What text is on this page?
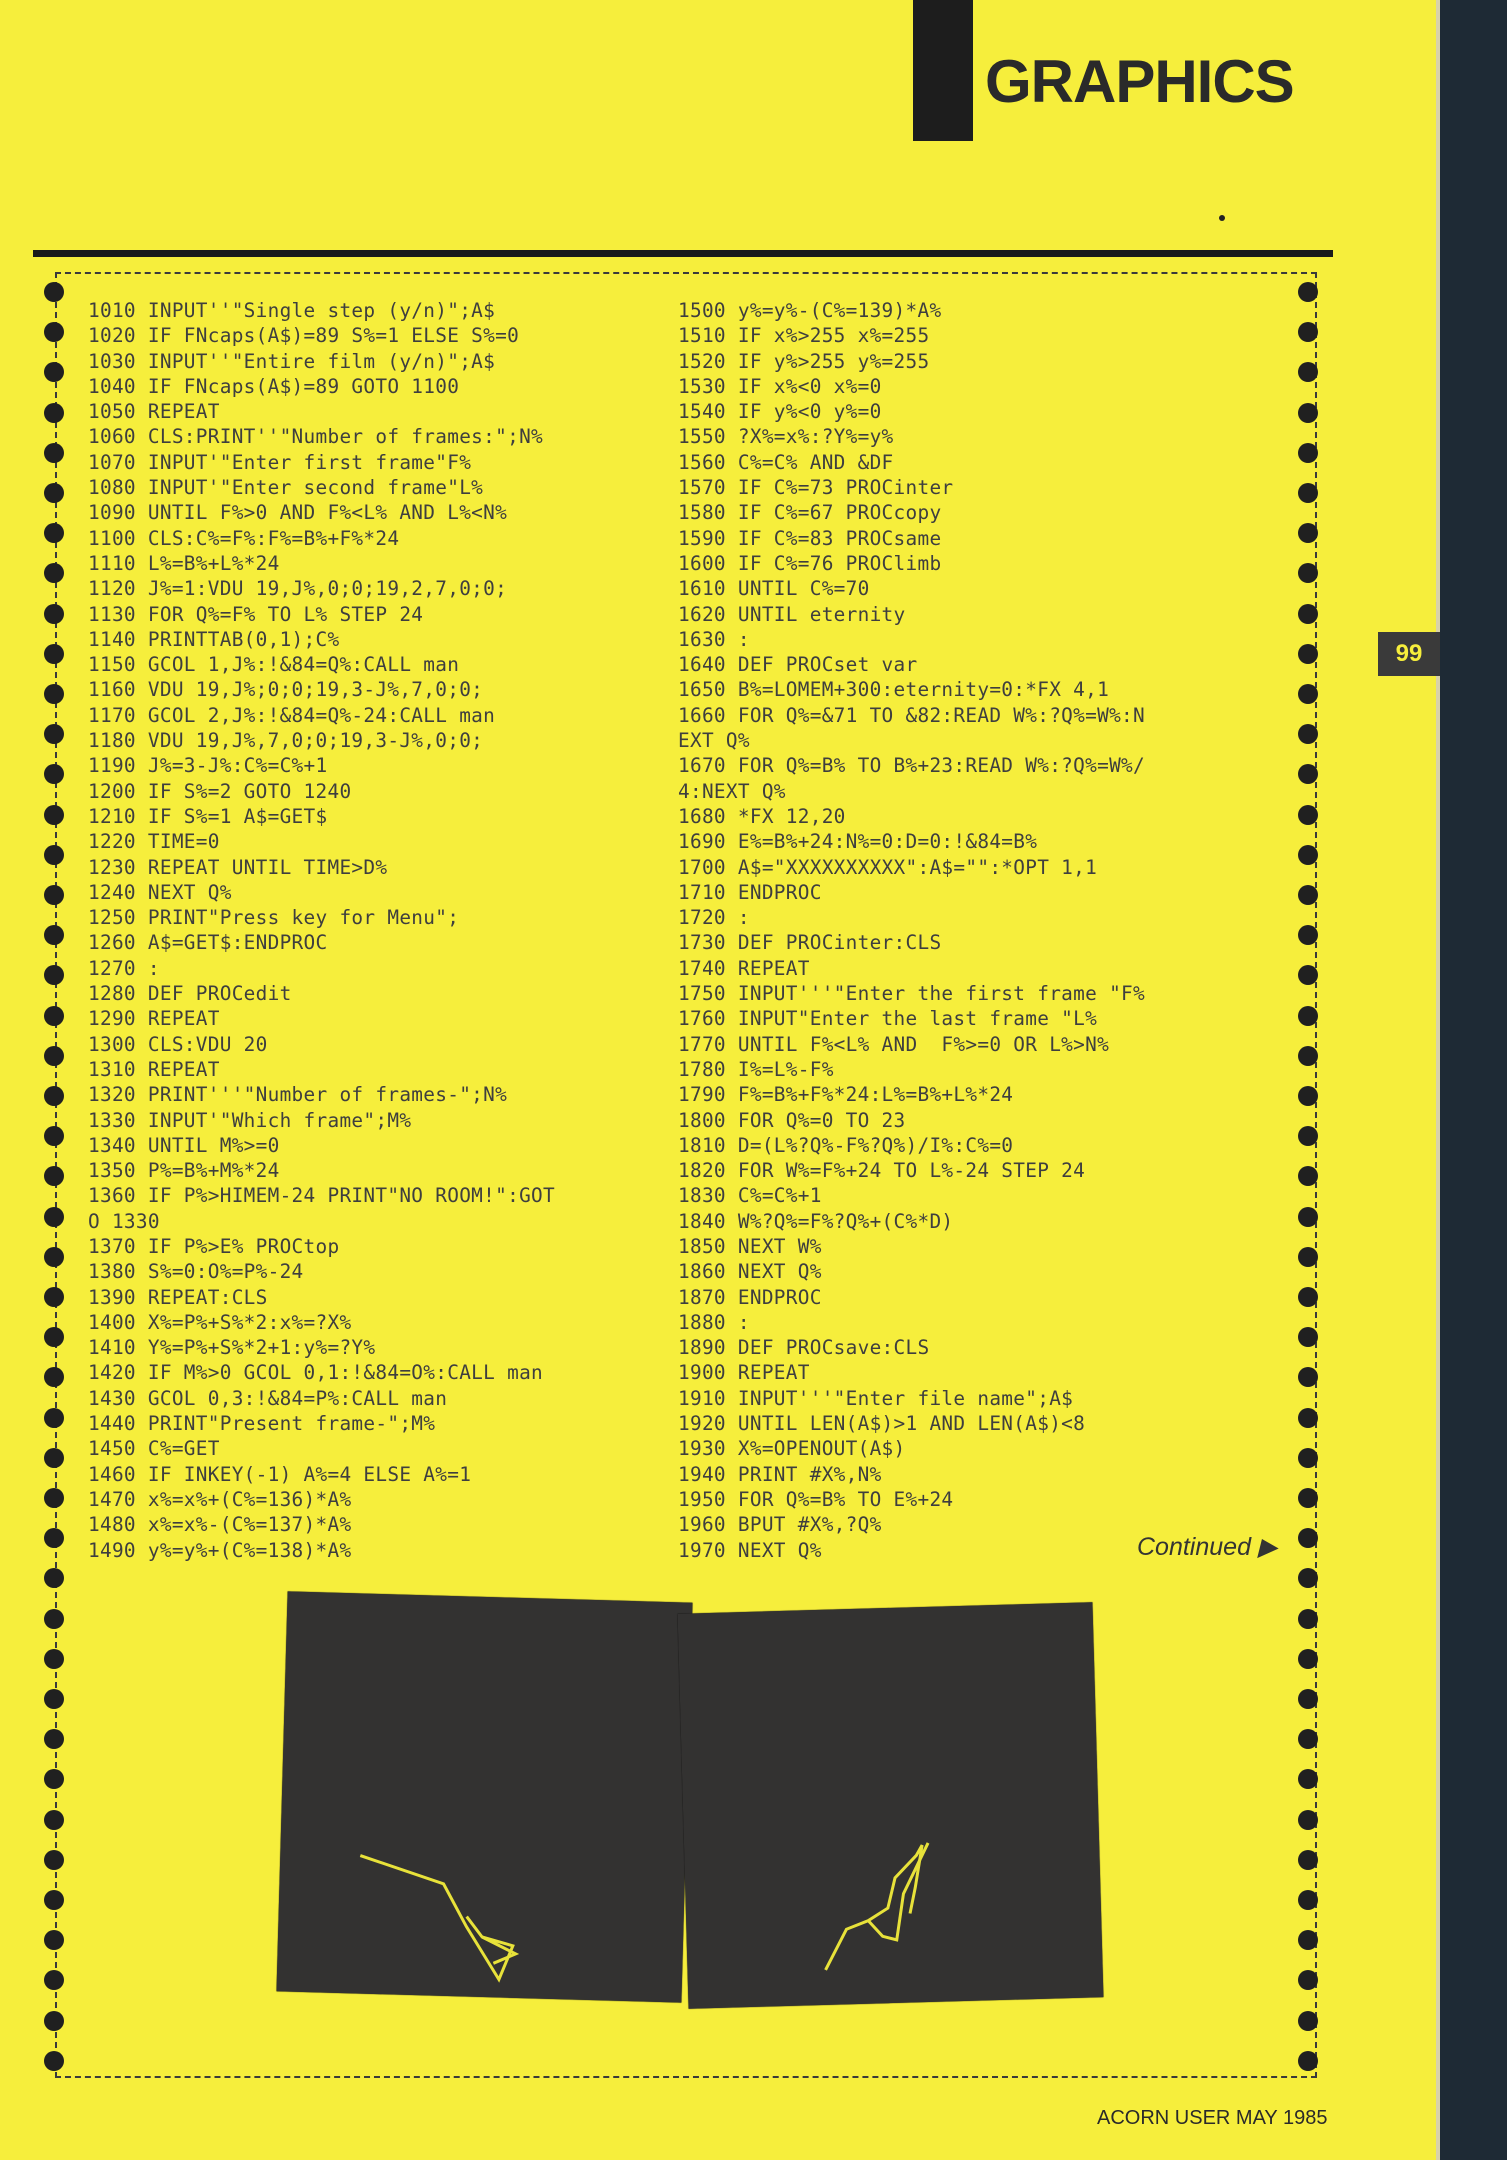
GRAPHICS
99
1010 INPUT''"Single step (y/n)";A$
1020 IF FNcaps(A$)=89 S%=1 ELSE S%=0
1030 INPUT''"Entire film (y/n)";A$
1040 IF FNcaps(A$)=89 GOTO 1100
1050 REPEAT
1060 CLS:PRINT''"Number of frames:";N%
1070 INPUT'"Enter first frame"F%
1080 INPUT'"Enter second frame"L%
1090 UNTIL F%>0 AND F%<L% AND L%<N%
1100 CLS:C%=F%:F%=B%+F%*24
1110 L%=B%+L%*24
1120 J%=1:VDU 19,J%,0;0;19,2,7,0;0;
1130 FOR Q%=F% TO L% STEP 24
1140 PRINTTAB(0,1);C%
1150 GCOL 1,J%:!&84=Q%:CALL man
1160 VDU 19,J%;0;0;19,3-J%,7,0;0;
1170 GCOL 2,J%:!&84=Q%-24:CALL man
1180 VDU 19,J%,7,0;0;19,3-J%,0;0;
1190 J%=3-J%:C%=C%+1
1200 IF S%=2 GOTO 1240
1210 IF S%=1 A$=GET$
1220 TIME=0
1230 REPEAT UNTIL TIME>D%
1240 NEXT Q%
1250 PRINT"Press key for Menu";
1260 A$=GET$:ENDPROC
1270 :
1280 DEF PROCedit
1290 REPEAT
1300 CLS:VDU 20
1310 REPEAT
1320 PRINT'''"Number of frames-";N%
1330 INPUT'"Which frame";M%
1340 UNTIL M%>=0
1350 P%=B%+M%*24
1360 IF P%>HIMEM-24 PRINT"NO ROOM!":GOT
O 1330
1370 IF P%>E% PROCtop
1380 S%=0:O%=P%-24
1390 REPEAT:CLS
1400 X%=P%+S%*2:x%=?X%
1410 Y%=P%+S%*2+1:y%=?Y%
1420 IF M%>0 GCOL 0,1:!&84=O%:CALL man
1430 GCOL 0,3:!&84=P%:CALL man
1440 PRINT"Present frame-";M%
1450 C%=GET
1460 IF INKEY(-1) A%=4 ELSE A%=1
1470 x%=x%+(C%=136)*A%
1480 x%=x%-(C%=137)*A%
1490 y%=y%+(C%=138)*A%

1500 y%=y%-(C%=139)*A%
1510 IF x%>255 x%=255
1520 IF y%>255 y%=255
1530 IF x%<0 x%=0
1540 IF y%<0 y%=0
1550 ?X%=x%:?Y%=y%
1560 C%=C% AND &DF
1570 IF C%=73 PROCinter
1580 IF C%=67 PROCcopy
1590 IF C%=83 PROCsame
1600 IF C%=76 PROClimb
1610 UNTIL C%=70
1620 UNTIL eternity
1630 :
1640 DEF PROCset var
1650 B%=LOMEM+300:eternity=0:*FX 4,1
1660 FOR Q%=&71 TO &82:READ W%:?Q%=W%:N
EXT Q%
1670 FOR Q%=B% TO B%+23:READ W%:?Q%=W%/
4:NEXT Q%
1680 *FX 12,20
1690 E%=B%+24:N%=0:D=0:!&84=B%
1700 A$="XXXXXXXXXX":A$="":*OPT 1,1
1710 ENDPROC
1720 :
1730 DEF PROCinter:CLS
1740 REPEAT
1750 INPUT'''"Enter the first frame "F%
1760 INPUT"Enter the last frame "L%
1770 UNTIL F%<L% AND  F%>=0 OR L%>N%
1780 I%=L%-F%
1790 F%=B%+F%*24:L%=B%+L%*24
1800 FOR Q%=0 TO 23
1810 D=(L%?Q%-F%?Q%)/I%:C%=0
1820 FOR W%=F%+24 TO L%-24 STEP 24
1830 C%=C%+1
1840 W%?Q%=F%?Q%+(C%*D)
1850 NEXT W%
1860 NEXT Q%
1870 ENDPROC
1880 :
1890 DEF PROCsave:CLS
1900 REPEAT
1910 INPUT'''"Enter file name";A$
1920 UNTIL LEN(A$)>1 AND LEN(A$)<8
1930 X%=OPENOUT(A$)
1940 PRINT #X%,N%
1950 FOR Q%=B% TO E%+24
1960 BPUT #X%,?Q%
1970 NEXT Q%	Continued ▶
ACORN USER MAY 1985
